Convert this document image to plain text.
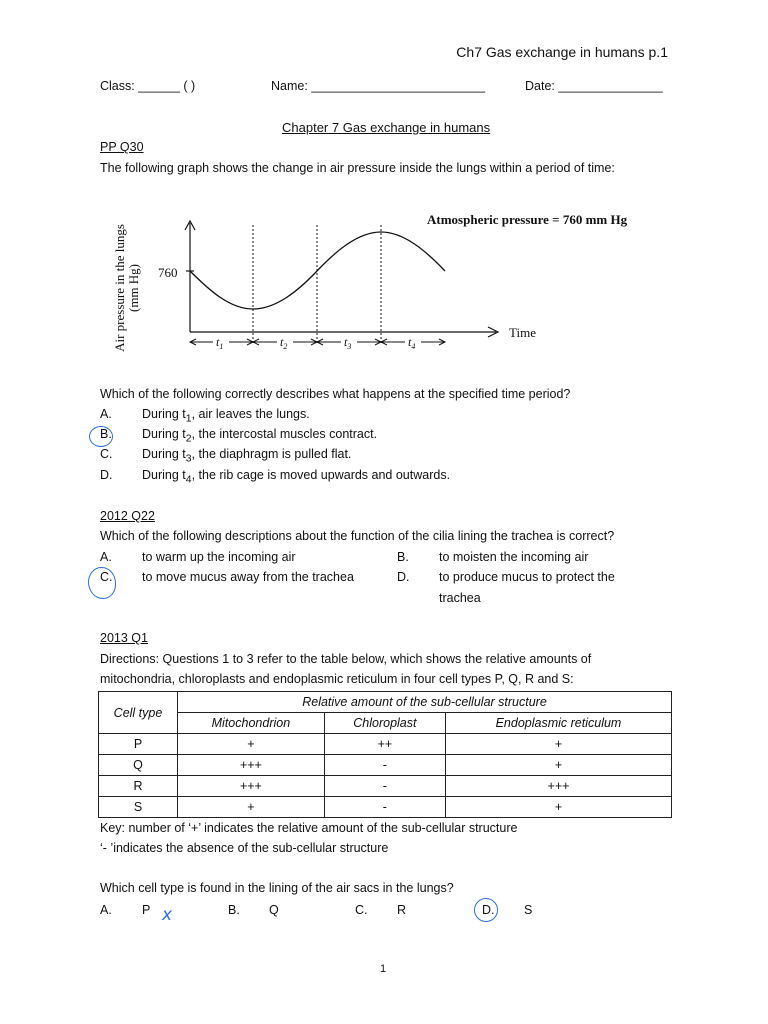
Ch7 Gas exchange in humans p.1
Class: ______ ( )	Name: _________________________	Date: _______________
Chapter 7 Gas exchange in humans
PP Q30
The following graph shows the change in air pressure inside the lungs within a period of time:
Air pressure in the lungs (mm Hg) 760
Atmospheric pressure = 760 mm Hg
Time
$t_1$	$t_2$	$t_3$	$t_4$
Which of the following correctly describes what happens at the specified time period?
A. During $t_1$, air leaves the lungs.
B. During $t_2$, the intercostal muscles contract.
C. During $t_3$, the diaphragm is pulled flat.
D. During $t_4$, the rib cage is moved upwards and outwards.
2012 Q22
Which of the following descriptions about the function of the cilia lining the trachea is correct?
A. to warm up the incoming air	B. to moisten the incoming air
C. to move mucus away from the trachea	D. to produce mucus to protect the
trachea
2013 Q1
Directions: Questions 1 to 3 refer to the table below, which shows the relative amounts of
mitochondria, chloroplasts and endoplasmic reticulum in four cell types P, Q, R and S:
Cell type	Relative amount of the sub-cellular structure		
	Mitochondrion	Chloroplast	Endoplasmic reticulum
P	+	++	+
Q	+++	-	+
R	+++	-	+++
S	+	-	+
Key: number of ‘+’ indicates the relative amount of the sub-cellular structure
‘- ’indicates the absence of the sub-cellular structure
Which cell type is found in the lining of the air sacs in the lungs?
A. P x	B. Q	C. R	D. S
1
